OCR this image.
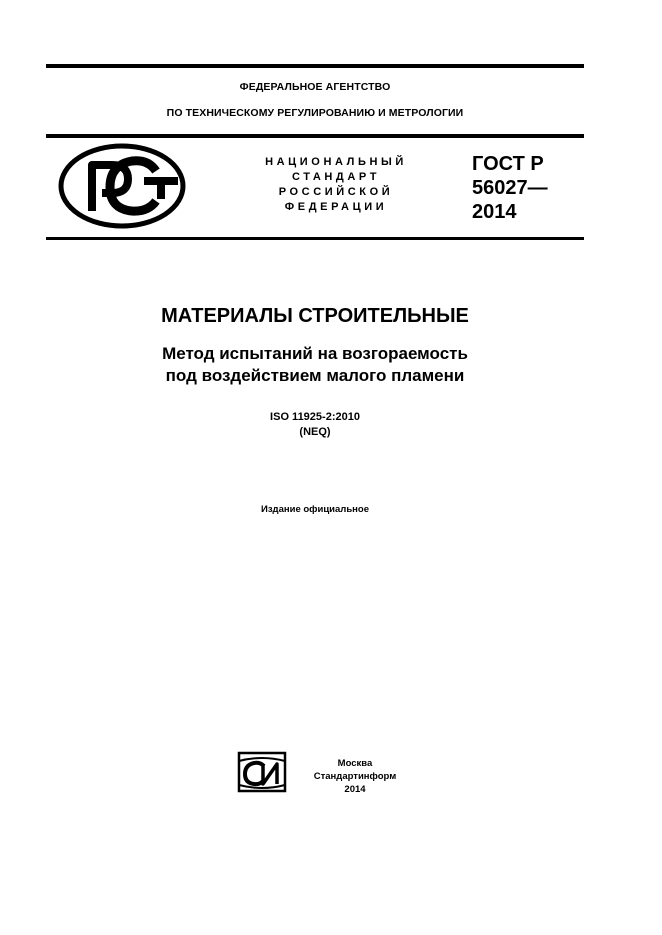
ФЕДЕРАЛЬНОЕ АГЕНТСТВО
ПО ТЕХНИЧЕСКОМУ РЕГУЛИРОВАНИЮ И МЕТРОЛОГИИ
НАЦИОНАЛЬНЫЙ
СТАНДАРТ
РОССИЙСКОЙ
ФЕДЕРАЦИИ
ГОСТ Р
56027—
2014
МАТЕРИАЛЫ СТРОИТЕЛЬНЫЕ
Метод испытаний на возгораемость
под воздействием малого пламени
ISO 11925-2:2010
(NEQ)
Издание официальное
Москва
Стандартинформ
2014
